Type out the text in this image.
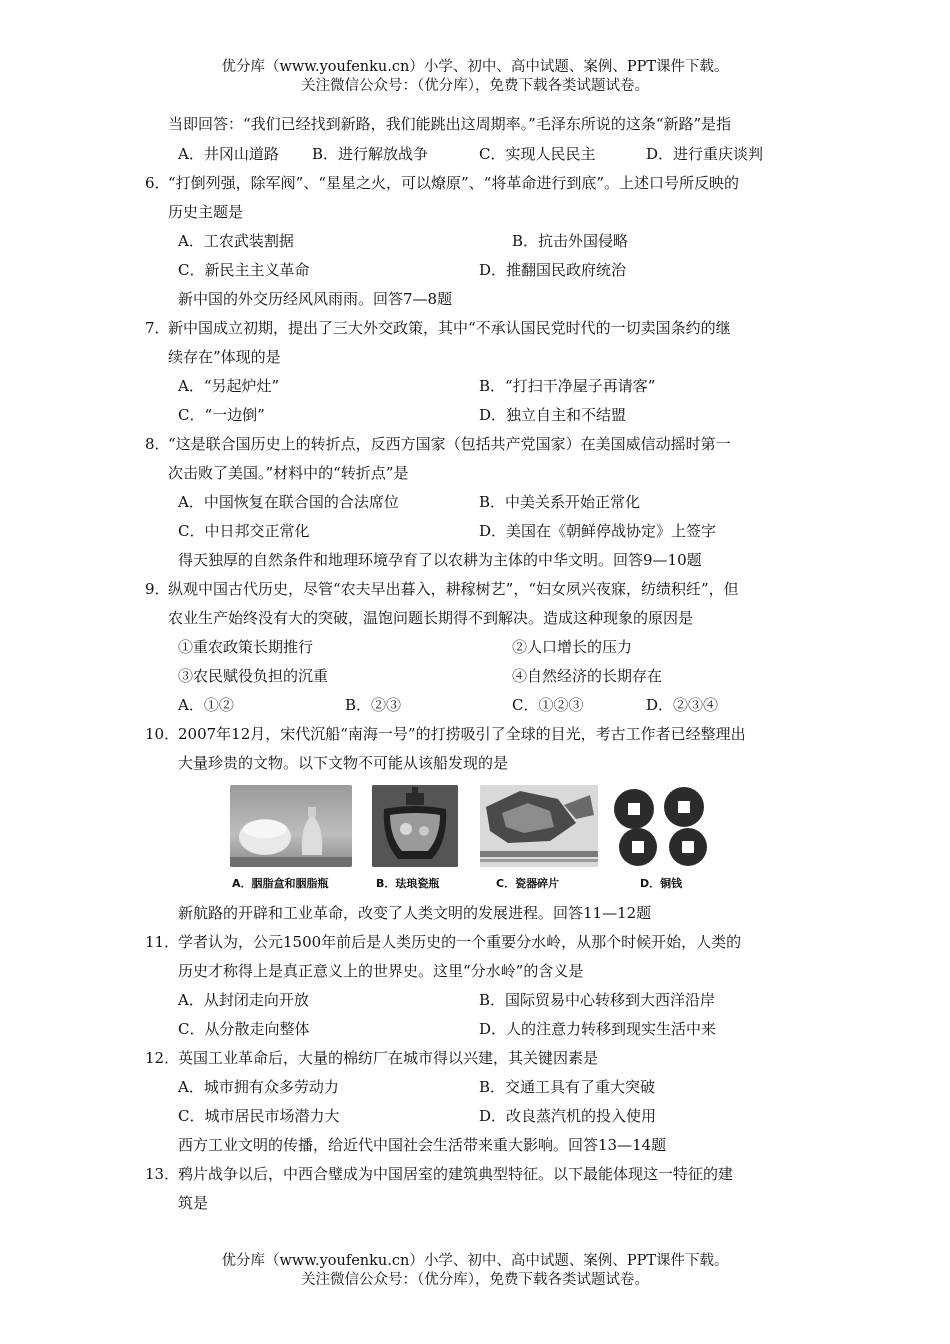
优分库（www.youfenku.cn）小学、初中、高中试题、案例、PPT课件下载。
关注微信公众号：（优分库），免费下载各类试题试卷。
当即回答：“我们已经找到新路，我们能跳出这周期率。”毛泽东所说的这条“新路”是指
A．井冈山道路 B．进行解放战争	C．实现人民民主	D．进行重庆谈判
6．
“打倒列强，除军阀”、“星星之火，可以燎原”、“将革命进行到底”。上述口号所反映的
历史主题是
A．工农武装割据	B．抗击外国侵略
C．新民主主义革命	D．推翻国民政府统治
新中国的外交历经风风雨雨。回答7—8题
7．
新中国成立初期，提出了三大外交政策，其中“不承认国民党时代的一切卖国条约的继
续存在”体现的是
A．“另起炉灶”	B．“打扫干净屋子再请客”
C．“一边倒”	D．独立自主和不结盟
8．
“这是联合国历史上的转折点，反西方国家（包括共产党国家）在美国威信动摇时第一
次击败了美国。”材料中的“转折点”是
A．中国恢复在联合国的合法席位	B．中美关系开始正常化
C．中日邦交正常化	D．美国在《朝鲜停战协定》上签字
得天独厚的自然条件和地理环境孕育了以农耕为主体的中华文明。回答9—10题
9．
纵观中国古代历史，尽管“农夫早出暮入，耕稼树艺”，“妇女夙兴夜寐，纺绩积纴”，但
农业生产始终没有大的突破，温饱问题长期得不到解决。造成这种现象的原因是
①重农政策长期推行	②人口增长的压力
③农民赋役负担的沉重	④自然经济的长期存在
A．①②	B．②③	C．①②③	D．②③④
10．
2007年12月，宋代沉船“南海一号”的打捞吸引了全球的目光，考古工作者已经整理出
大量珍贵的文物。以下文物不可能从该船发现的是
A．胭脂盒和胭脂瓶	B．珐琅瓷瓶	C．瓷器碎片	D．铜钱
新航路的开辟和工业革命，改变了人类文明的发展进程。回答11—12题
11．
学者认为，公元1500年前后是人类历史的一个重要分水岭，从那个时候开始，人类的
历史才称得上是真正意义上的世界史。这里“分水岭”的含义是
A．从封闭走向开放	B．国际贸易中心转移到大西洋沿岸
C．从分散走向整体	D．人的注意力转移到现实生活中来
12．
英国工业革命后，大量的棉纺厂在城市得以兴建，其关键因素是
A．城市拥有众多劳动力	B．交通工具有了重大突破
C．城市居民市场潜力大	D．改良蒸汽机的投入使用
西方工业文明的传播，给近代中国社会生活带来重大影响。回答13—14题
13．
鸦片战争以后，中西合璧成为中国居室的建筑典型特征。以下最能体现这一特征的建
筑是
优分库（www.youfenku.cn）小学、初中、高中试题、案例、PPT课件下载。
关注微信公众号：（优分库），免费下载各类试题试卷。
